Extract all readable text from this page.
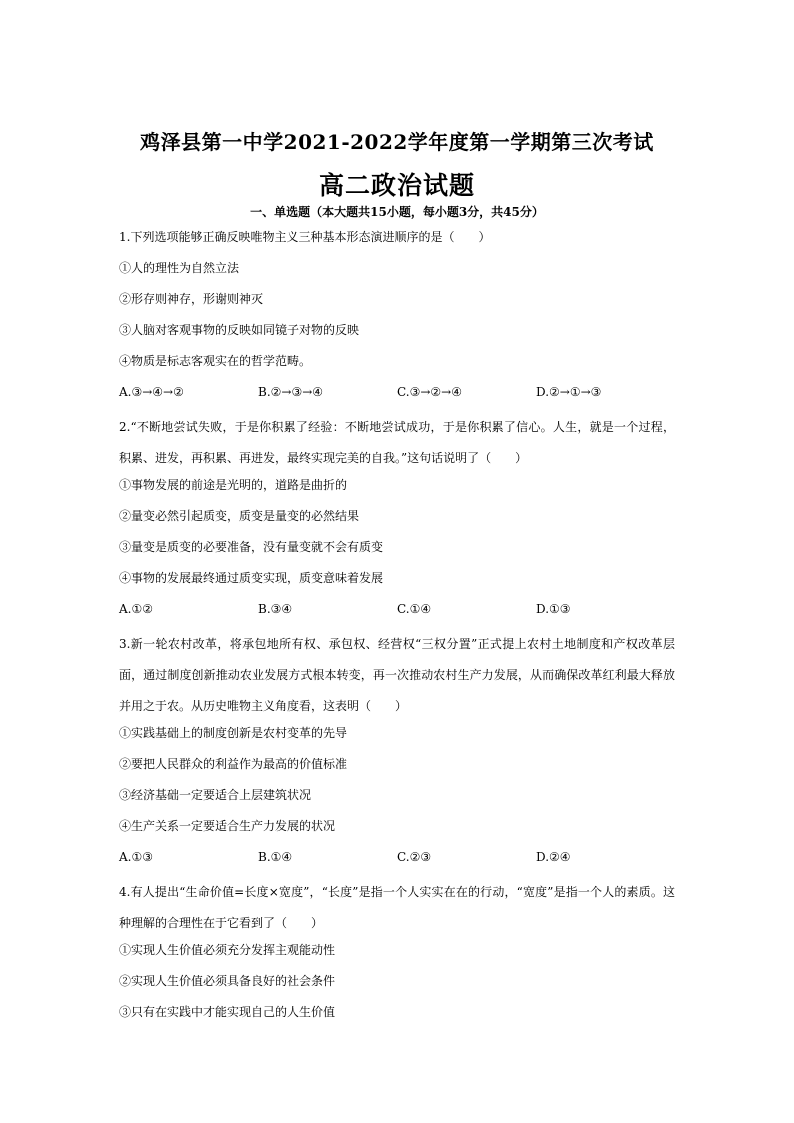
鸡泽县第一中学2021-2022学年度第一学期第三次考试
高二政治试题
一、单选题（本大题共15小题，每小题3分，共45分）
1.下列选项能够正确反映唯物主义三种基本形态演进顺序的是（　　）
①人的理性为自然立法
②形存则神存，形谢则神灭
③人脑对客观事物的反映如同镜子对物的反映
④物质是标志客观实在的哲学范畴。
A.③→④→②	B.②→③→④	C.③→②→④	D.②→①→③
2.“不断地尝试失败，于是你积累了经验：不断地尝试成功，于是你积累了信心。人生，就是一个过程，积累、进发，再积累、再进发，最终实现完美的自我。”这句话说明了（　　）
①事物发展的前途是光明的，道路是曲折的
②量变必然引起质变，质变是量变的必然结果
③量变是质变的必要准备，没有量变就不会有质变
④事物的发展最终通过质变实现，质变意味着发展
A.①②	B.③④	C.①④	D.①③
3.新一轮农村改革，将承包地所有权、承包权、经营权“三权分置”正式提上农村土地制度和产权改革层面，通过制度创新推动农业发展方式根本转变，再一次推动农村生产力发展，从而确保改革红利最大释放并用之于农。从历史唯物主义角度看，这表明（　　）
①实践基础上的制度创新是农村变革的先导
②要把人民群众的利益作为最高的价值标准
③经济基础一定要适合上层建筑状况
④生产关系一定要适合生产力发展的状况
A.①③	B.①④	C.②③	D.②④
4.有人提出“生命价值=长度×宽度”，“长度”是指一个人实实在在的行动，“宽度”是指一个人的素质。这种理解的合理性在于它看到了（　　）
①实现人生价值必须充分发挥主观能动性
②实现人生价值必须具备良好的社会条件
③只有在实践中才能实现自己的人生价值
